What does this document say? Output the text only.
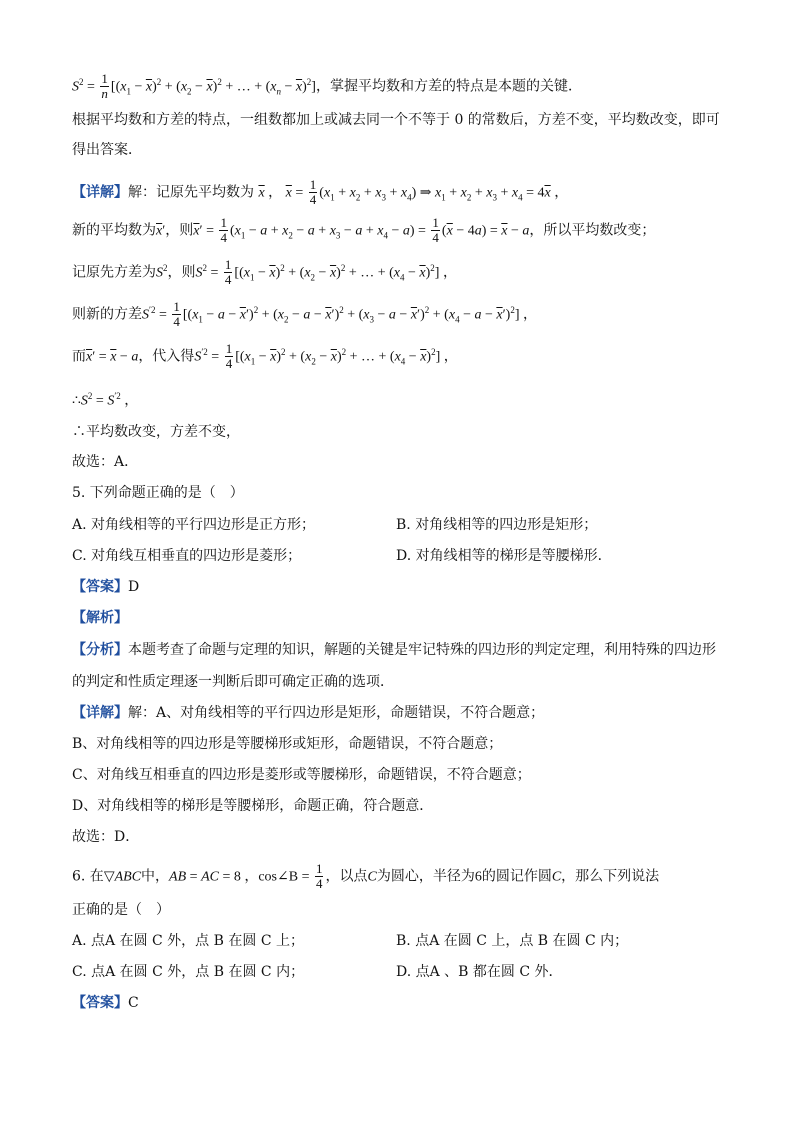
$S^2 = \frac{1}{n} [(x_1 - \overline{x})^2 + (x_2 - \overline{x})^2$ + … + $(x_n - \overline{x})^2$]，掌握平均数和方差的特点是本题的关键．
根据平均数和方差的特点，一组数都加上或减去同一个不等于 0 的常数后，方差不变，平均数改变，即可
得出答案．
【详解】解：记原先平均数为 $\overline{x}$ ， $\overline{x} = \frac{1}{4} (x_1 + x_2 + x_3 + x_4)$ ⇒ $x_1 + x_2 + x_3 + x_4 = 4\overline{x}$ ，
新的平均数为$\overline{x}'$，则$\overline{x}' = \frac{1}{4} (x_1 - a + x_2 - a + x_3 - a + x_4 - a) = \frac{1}{4} (\overline{x} - 4a) = \overline{x} - a$，所以平均数改变；
记原先方差为$S^2$，则$S^2 = \frac{1}{4} [(x_1 - \overline{x})^2 + (x_2 - \overline{x})^2$ + … + $(x_4 - \overline{x})^2$] ，
则新的方差$S^{'2} = \frac{1}{4} [(x_1 - a - \overline{x}')^2 + (x_2 - a - \overline{x}')^2 + (x_3 - a - \overline{x}')^2 + (x_4 - a - \overline{x}')^2]$ ，
而$\overline{x}' = \overline{x} - a$，代入得$S^{'2} = \frac{1}{4} [(x_1 - \overline{x})^2 + (x_2 - \overline{x})^2$ + … + $(x_4 - \overline{x})^2$] ，
$\therefore S^2 = S^{'2}$ ，
∴平均数改变，方差不变，
故选：A．
5. 下列命题正确的是（　）
A. 对角线相等的平行四边形是正方形；	B. 对角线相等的四边形是矩形；
C. 对角线互相垂直的四边形是菱形；	D. 对角线相等的梯形是等腰梯形．
【答案】D
【解析】
【分析】本题考查了命题与定理的知识，解题的关键是牢记特殊的四边形的判定定理，利用特殊的四边形
的判定和性质定理逐一判断后即可确定正确的选项．
【详解】解：A、对角线相等的平行四边形是矩形，命题错误，不符合题意；
B、对角线相等的四边形是等腰梯形或矩形，命题错误，不符合题意；
C、对角线互相垂直的四边形是菱形或等腰梯形，命题错误，不符合题意；
D、对角线相等的梯形是等腰梯形，命题正确，符合题意．
故选：D．
6. 在▽ABC中，AB = AC = 8 ，cos∠B = $\frac{1}{4}$ ，以点C为圆心，半径为6的圆记作圆C，那么下列说法
正确的是（　）
A. 点A 在圆 C 外，点 B 在圆 C 上；	B. 点A 在圆 C 上，点 B 在圆 C 内；
C. 点A 在圆 C 外，点 B 在圆 C 内；	D. 点A 、B 都在圆 C 外．
【答案】C
